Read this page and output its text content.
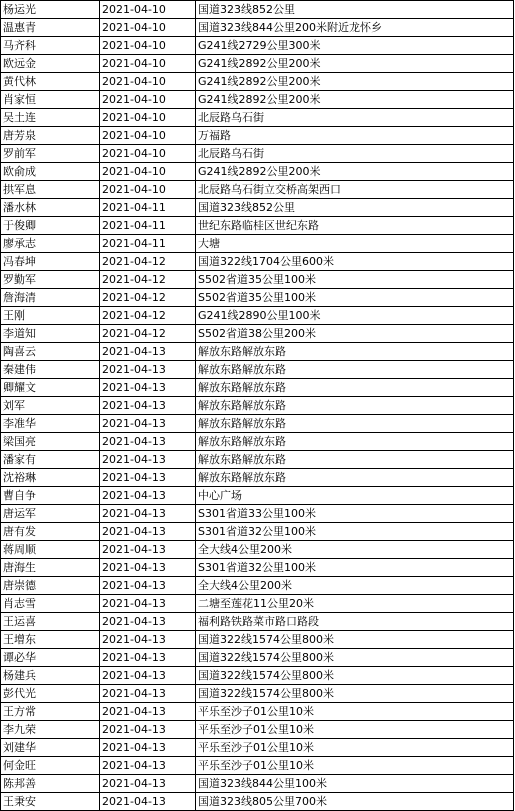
杨运光	2021-04-10	国道323线852公里
温惠青	2021-04-10	国道323线844公里200米附近龙怀乡
马齐科	2021-04-10	G241线2729公里300米
欧远金	2021-04-10	G241线2892公里200米
黄代林	2021-04-10	G241线2892公里200米
肖家恒	2021-04-10	G241线2892公里200米
吴土连	2021-04-10	北辰路乌石街
唐芳泉	2021-04-10	万福路
罗前军	2021-04-10	北辰路乌石街
欧俞成	2021-04-10	G241线2892公里200米
拱军息	2021-04-10	北辰路乌石街立交桥高架西口
潘水林	2021-04-11	国道323线852公里
于俊卿	2021-04-11	世纪东路临桂区世纪东路
廖承志	2021-04-11	大塘
冯春坤	2021-04-12	国道322线1704公里600米
罗勤军	2021-04-12	S502省道35公里100米
詹海清	2021-04-12	S502省道35公里100米
王刚	2021-04-12	G241线2890公里100米
李道知	2021-04-12	S502省道38公里200米
陶喜云	2021-04-13	解放东路解放东路
秦建伟	2021-04-13	解放东路解放东路
卿耀文	2021-04-13	解放东路解放东路
刘军	2021-04-13	解放东路解放东路
李准华	2021-04-13	解放东路解放东路
梁国亮	2021-04-13	解放东路解放东路
潘家有	2021-04-13	解放东路解放东路
沈裕琳	2021-04-13	解放东路解放东路
曹自争	2021-04-13	中心广场
唐运军	2021-04-13	S301省道33公里100米
唐有发	2021-04-13	S301省道32公里100米
蒋周顺	2021-04-13	全大线4公里200米
唐海生	2021-04-13	S301省道32公里100米
唐崇德	2021-04-13	全大线4公里200米
肖志雪	2021-04-13	二塘至莲花11公里20米
王运喜	2021-04-13	福利路铁路菜市路口路段
王增东	2021-04-13	国道322线1574公里800米
谭必华	2021-04-13	国道322线1574公里800米
杨建兵	2021-04-13	国道322线1574公里800米
彭代光	2021-04-13	国道322线1574公里800米
王方常	2021-04-13	平乐至沙子01公里10米
李九荣	2021-04-13	平乐至沙子01公里10米
刘建华	2021-04-13	平乐至沙子01公里10米
何金旺	2021-04-13	平乐至沙子01公里10米
陈邦善	2021-04-13	国道323线844公里100米
王秉安	2021-04-13	国道323线805公里700米
